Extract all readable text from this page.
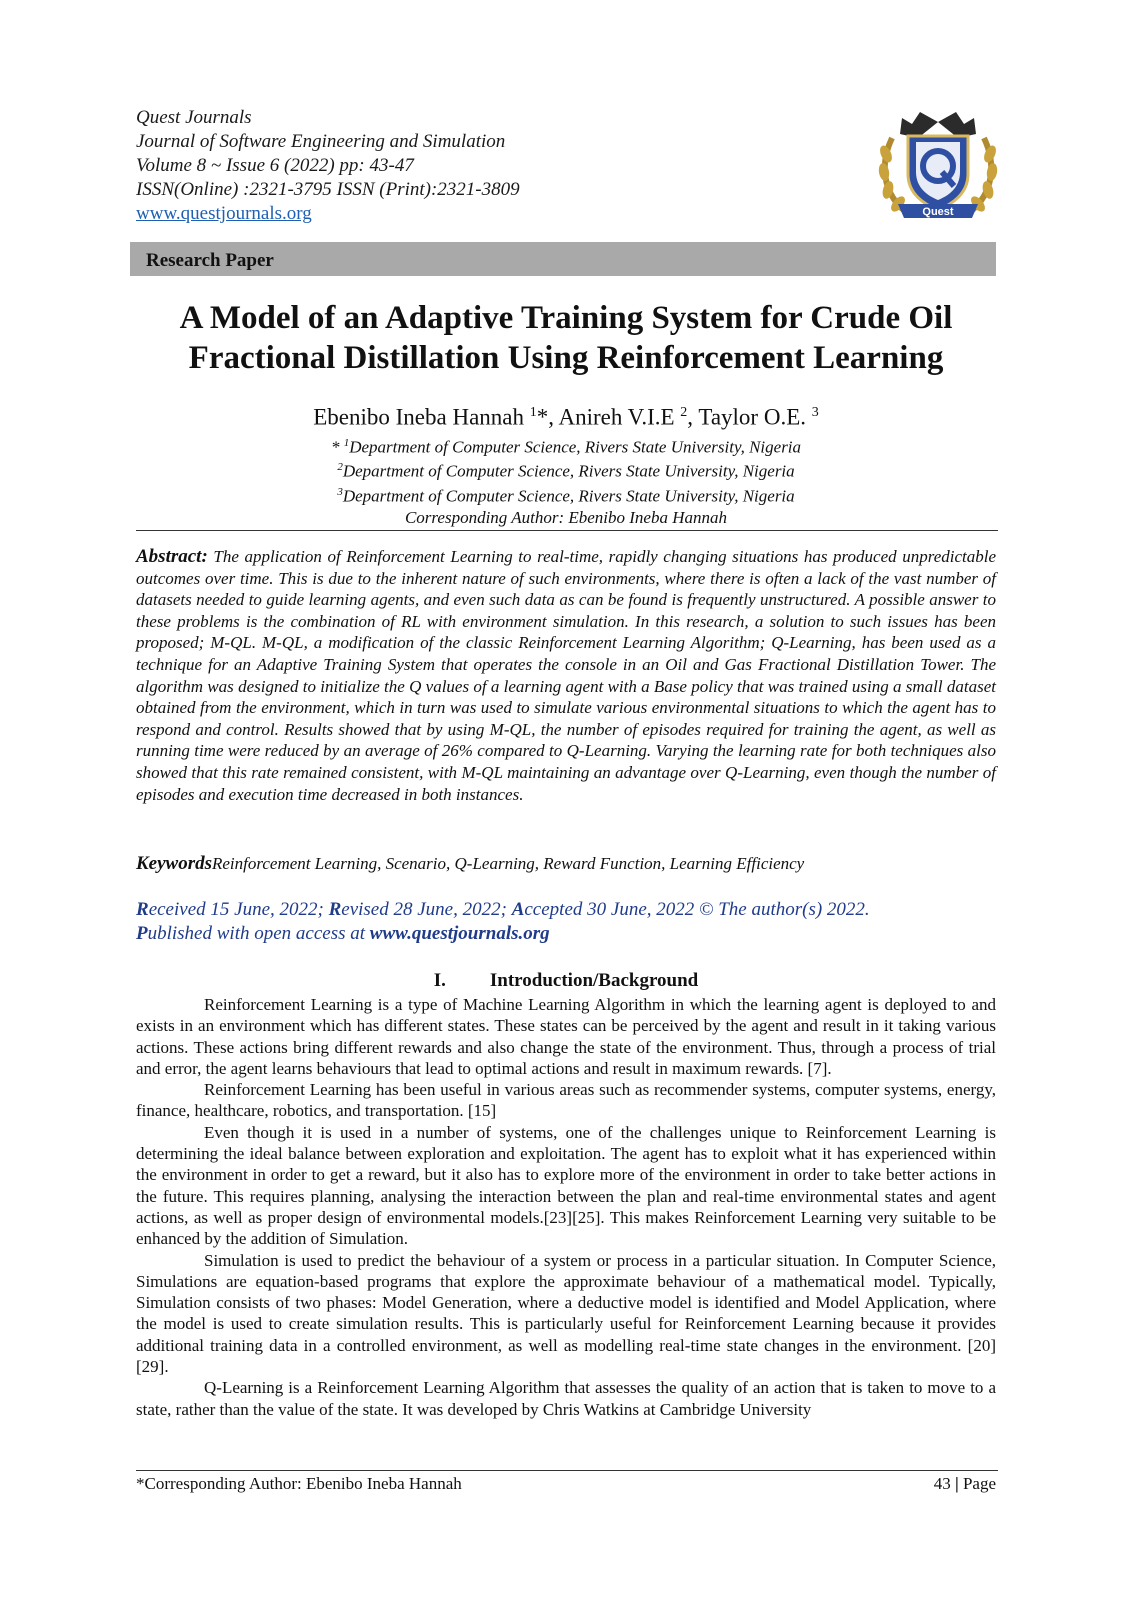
Quest Journals
Journal of Software Engineering and Simulation
Volume 8 ~ Issue 6 (2022) pp: 43-47
ISSN(Online) :2321-3795 ISSN (Print):2321-3809
www.questjournals.org	Quest
Research Paper
A Model of an Adaptive Training System for Crude Oil
Fractional Distillation Using Reinforcement Learning
Ebenibo Ineba Hannah $^1$*, Anireh V.I.E $^2$, Taylor O.E. $^3$
* $^1$Department of Computer Science, Rivers State University, Nigeria
$^2$Department of Computer Science, Rivers State University, Nigeria
$^3$Department of Computer Science, Rivers State University, Nigeria
Corresponding Author: Ebenibo Ineba Hannah
Abstract: The application of Reinforcement Learning to real-time, rapidly changing situations has produced unpredictable outcomes over time. This is due to the inherent nature of such environments, where there is often a lack of the vast number of datasets needed to guide learning agents, and even such data as can be found is frequently unstructured. A possible answer to these problems is the combination of RL with environment simulation. In this research, a solution to such issues has been proposed; M-QL. M-QL, a modification of the classic Reinforcement Learning Algorithm; Q-Learning, has been used as a technique for an Adaptive Training System that operates the console in an Oil and Gas Fractional Distillation Tower. The algorithm was designed to initialize the Q values of a learning agent with a Base policy that was trained using a small dataset obtained from the environment, which in turn was used to simulate various environmental situations to which the agent has to respond and control. Results showed that by using M-QL, the number of episodes required for training the agent, as well as running time were reduced by an average of 26% compared to Q-Learning. Varying the learning rate for both techniques also showed that this rate remained consistent, with M-QL maintaining an advantage over Q-Learning, even though the number of episodes and execution time decreased in both instances.
KeywordsReinforcement Learning, Scenario, Q-Learning, Reward Function, Learning Efficiency
Received 15 June, 2022; Revised 28 June, 2022; Accepted 30 June, 2022 © The author(s) 2022.
Published with open access at www.questjournals.org
I. Introduction/Background

Reinforcement Learning is a type of Machine Learning Algorithm in which the learning agent is deployed to and exists in an environment which has different states. These states can be perceived by the agent and result in it taking various actions. These actions bring different rewards and also change the state of the environment. Thus, through a process of trial and error, the agent learns behaviours that lead to optimal actions and result in maximum rewards. [7].

Reinforcement Learning has been useful in various areas such as recommender systems, computer systems, energy, finance, healthcare, robotics, and transportation. [15]

Even though it is used in a number of systems, one of the challenges unique to Reinforcement Learning is determining the ideal balance between exploration and exploitation. The agent has to exploit what it has experienced within the environment in order to get a reward, but it also has to explore more of the environment in order to take better actions in the future. This requires planning, analysing the interaction between the plan and real-time environmental states and agent actions, as well as proper design of environmental models.[23][25]. This makes Reinforcement Learning very suitable to be enhanced by the addition of Simulation.

Simulation is used to predict the behaviour of a system or process in a particular situation. In Computer Science, Simulations are equation-based programs that explore the approximate behaviour of a mathematical model. Typically, Simulation consists of two phases: Model Generation, where a deductive model is identified and Model Application, where the model is used to create simulation results. This is particularly useful for Reinforcement Learning because it provides additional training data in a controlled environment, as well as modelling real-time state changes in the environment. [20][29].

Q-Learning is a Reinforcement Learning Algorithm that assesses the quality of an action that is taken to move to a state, rather than the value of the state. It was developed by Chris Watkins at Cambridge University

*Corresponding Author: Ebenibo Ineba Hannah	43 | Page
